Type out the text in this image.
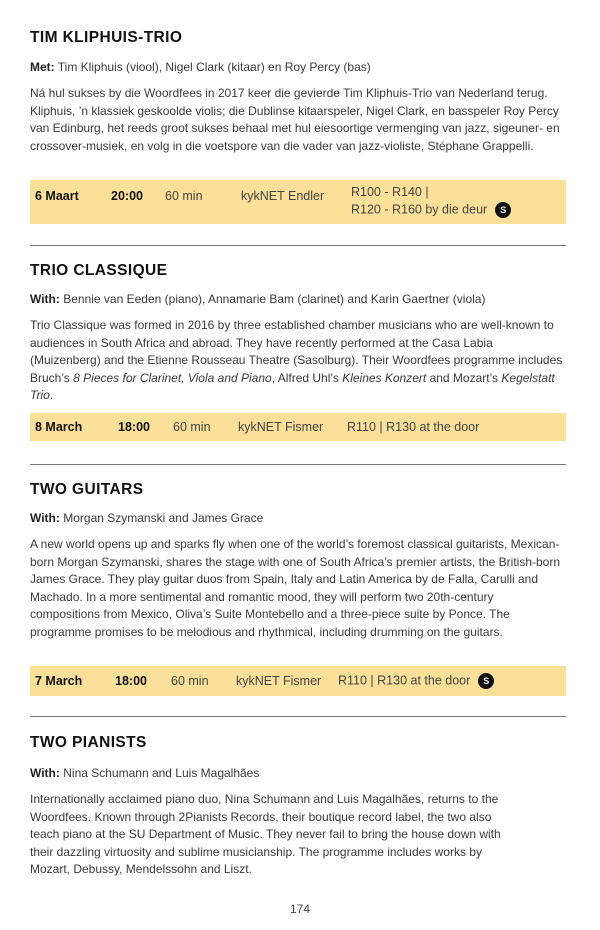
TIM KLIPHUIS-TRIO
Met: Tim Kliphuis (viool), Nigel Clark (kitaar) en Roy Percy (bas)
Ná hul sukses by die Woordfees in 2017 keer die gevierde Tim Kliphuis-Trio van Nederland terug. Kliphuis, ’n klassiek geskoolde violis; die Dublinse kitaarspeler, Nigel Clark, en basspeler Roy Percy van Edinburg, het reeds groot sukses behaal met hul eiesoortige vermenging van jazz, sigeuner- en crossover-musiek, en volg in die voetspore van die vader van jazz-violiste, Stéphane Grappelli.
6 Maart	20:00 60 min	kykNET Endler R100 - R140 |
R120 - R160 by die deur S
TRIO CLASSIQUE
With: Bennie van Eeden (piano), Annamarie Bam (clarinet) and Karin Gaertner (viola)
Trio Classique was formed in 2016 by three established chamber musicians who are well-known to audiences in South Africa and abroad. They have recently performed at the Casa Labia (Muizenberg) and the Etienne Rousseau Theatre (Sasolburg). Their Woordfees programme includes Bruch’s 8 Pieces for Clarinet, Viola and Piano, Alfred Uhl’s Kleines Konzert and Mozart’s Kegelstatt Trio.
8 March	18:00 60 min kykNET Fismer R110 | R130 at the door
TWO GUITARS
With: Morgan Szymanski and James Grace
A new world opens up and sparks fly when one of the world’s foremost classical guitarists, Mexican-born Morgan Szymanski, shares the stage with one of South Africa’s premier artists, the British-born James Grace. They play guitar duos from Spain, Italy and Latin America by de Falla, Carulli and Machado. In a more sentimental and romantic mood, they will perform two 20th-century compositions from Mexico, Oliva’s Suite Montebello and a three-piece suite by Ponce. The programme promises to be melodious and rhythmical, including drumming on the guitars.
7 March	18:00 60 min kykNET Fismer R110 | R130 at the door S
TWO PIANISTS
With: Nina Schumann and Luis Magalhães
Internationally acclaimed piano duo, Nina Schumann and Luis Magalhães, returns to the Woordfees. Known through 2Pianists Records, their boutique record label, the two also teach piano at the SU Department of Music. They never fail to bring the house down with their dazzling virtuosity and sublime musicianship. The programme includes works by Mozart, Debussy, Mendelssohn and Liszt.
174
